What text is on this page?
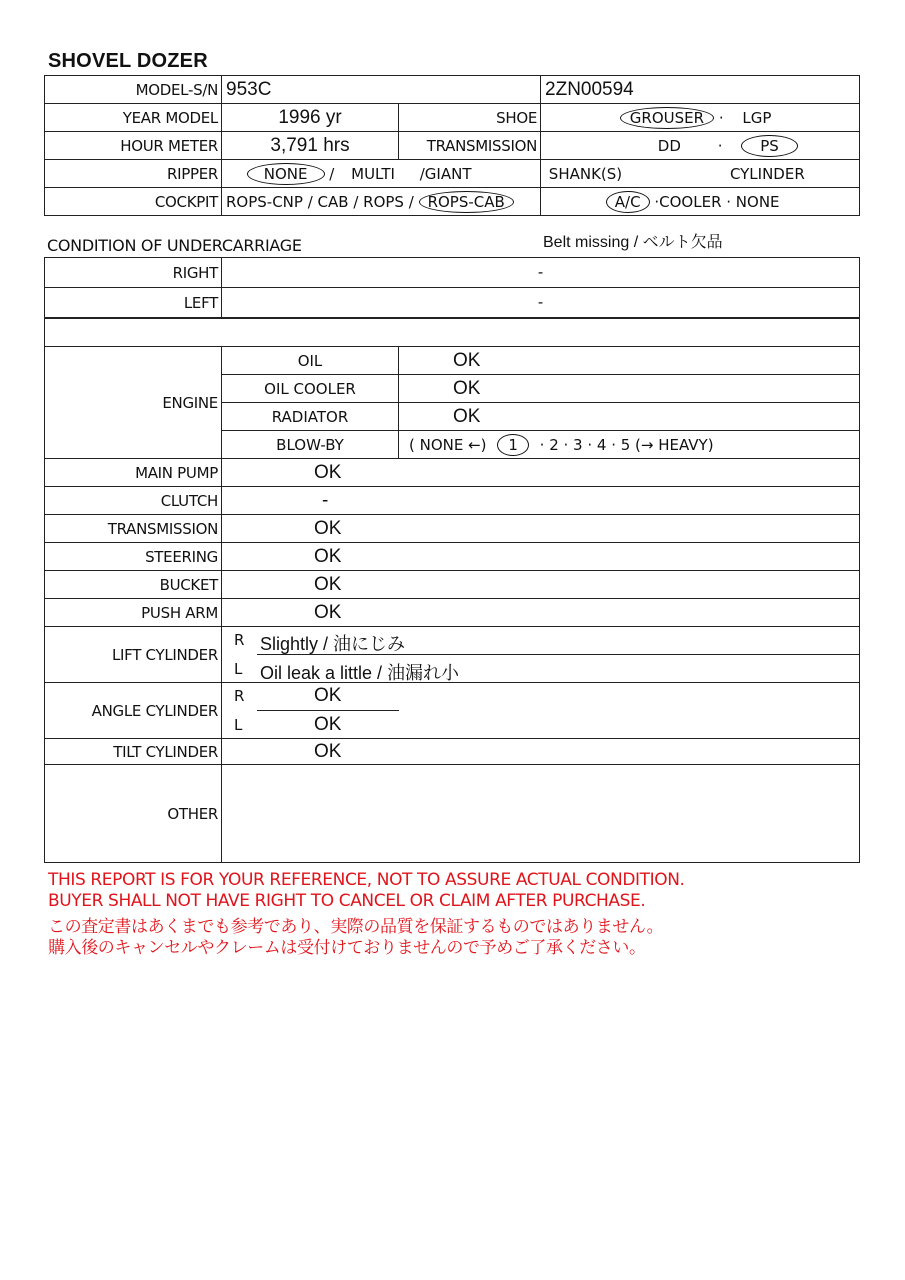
SHOVEL DOZER
MODEL-S/N	953C		2ZN00594
YEAR MODEL	1996 yr	SHOE	GROUSER · LGP
HOUR METER	3,791 hrs	TRANSMISSION	DD · PS
RIPPER	NONE / MULTI /GIANT		SHANK(S) CYLINDER
COCKPIT	ROPS-CNP / CAB / ROPS / ROPS-CAB		A/C ·COOLER · NONE
Belt missing / ベルト欠品
CONDITION OF UNDERCARRIAGE
RIGHT	-
LEFT	-

ENGINE	OIL	OK
	OIL COOLER	OK
	RADIATOR	OK
	BLOW-BY	( NONE ←) 1 · 2 · 3 · 4 · 5 (→ HEAVY)
MAIN PUMP	OK	
CLUTCH	-	
TRANSMISSION	OK	
STEERING	OK	
BUCKET	OK	
PUSH ARM	OK	
LIFT CYLINDER	R Slightly / 油にじみ
L Oil leak a little / 油漏れ小	

ANGLE CYLINDER	R OK
L OK	

TILT CYLINDER	OK	
OTHER		
THIS REPORT IS FOR YOUR REFERENCE, NOT TO ASSURE ACTUAL CONDITION.
BUYER SHALL NOT HAVE RIGHT TO CANCEL OR CLAIM AFTER PURCHASE.
この査定書はあくまでも参考であり、実際の品質を保証するものではありません。
購入後のキャンセルやクレームは受付けておりませんので予めご了承ください。
